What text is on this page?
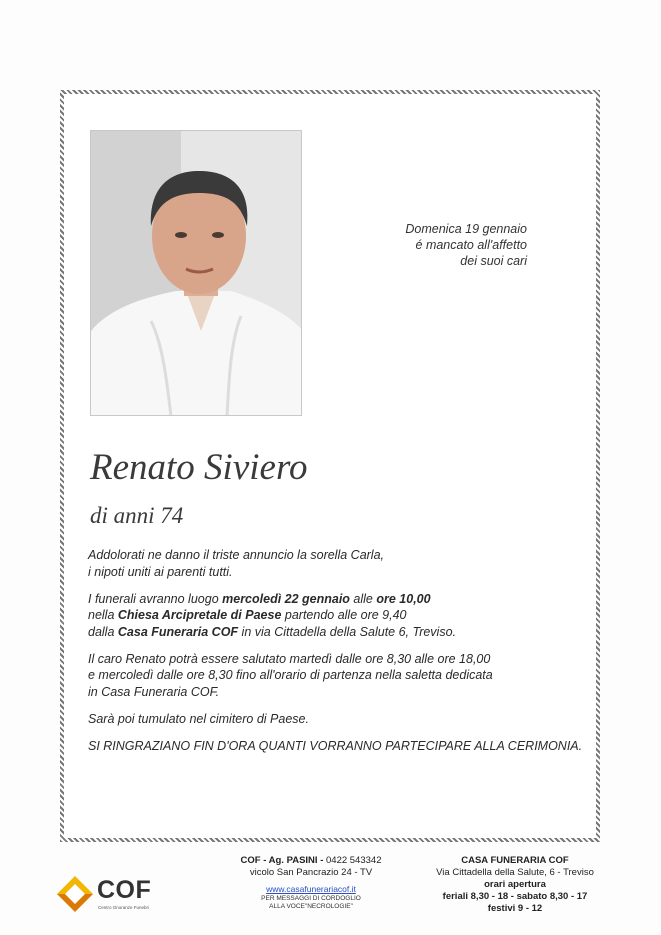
Domenica 19 gennaio
é mancato all'affetto
dei suoi cari
Renato Siviero
di anni 74

Addolorati ne danno il triste annuncio la sorella Carla,
i nipoti uniti ai parenti tutti.

I funerali avranno luogo mercoledì 22 gennaio alle ore 10,00
nella Chiesa Arcipretale di Paese partendo alle ore 9,40
dalla Casa Funeraria COF in via Cittadella della Salute 6, Treviso.

Il caro Renato potrà essere salutato martedì dalle ore 8,30 alle ore 18,00
e mercoledì dalle ore 8,30 fino all'orario di partenza nella saletta dedicata
in Casa Funeraria COF.

Sarà poi tumulato nel cimitero di Paese.

SI RINGRAZIANO FIN D'ORA QUANTI VORRANNO PARTECIPARE ALLA CERIMONIA.

COF
Centro Onoranze Funebri
COF - Ag. PASINI - 0422 543342
vicolo San Pancrazio 24 - TV
www.casafunerariacof.it
PER MESSAGGI DI CORDOGLIO
ALLA VOCE"NECROLOGIE"
CASA FUNERARIA COF
Via Cittadella della Salute, 6 - Treviso
orari apertura
feriali 8,30 - 18 - sabato 8,30 - 17
festivi 9 - 12
